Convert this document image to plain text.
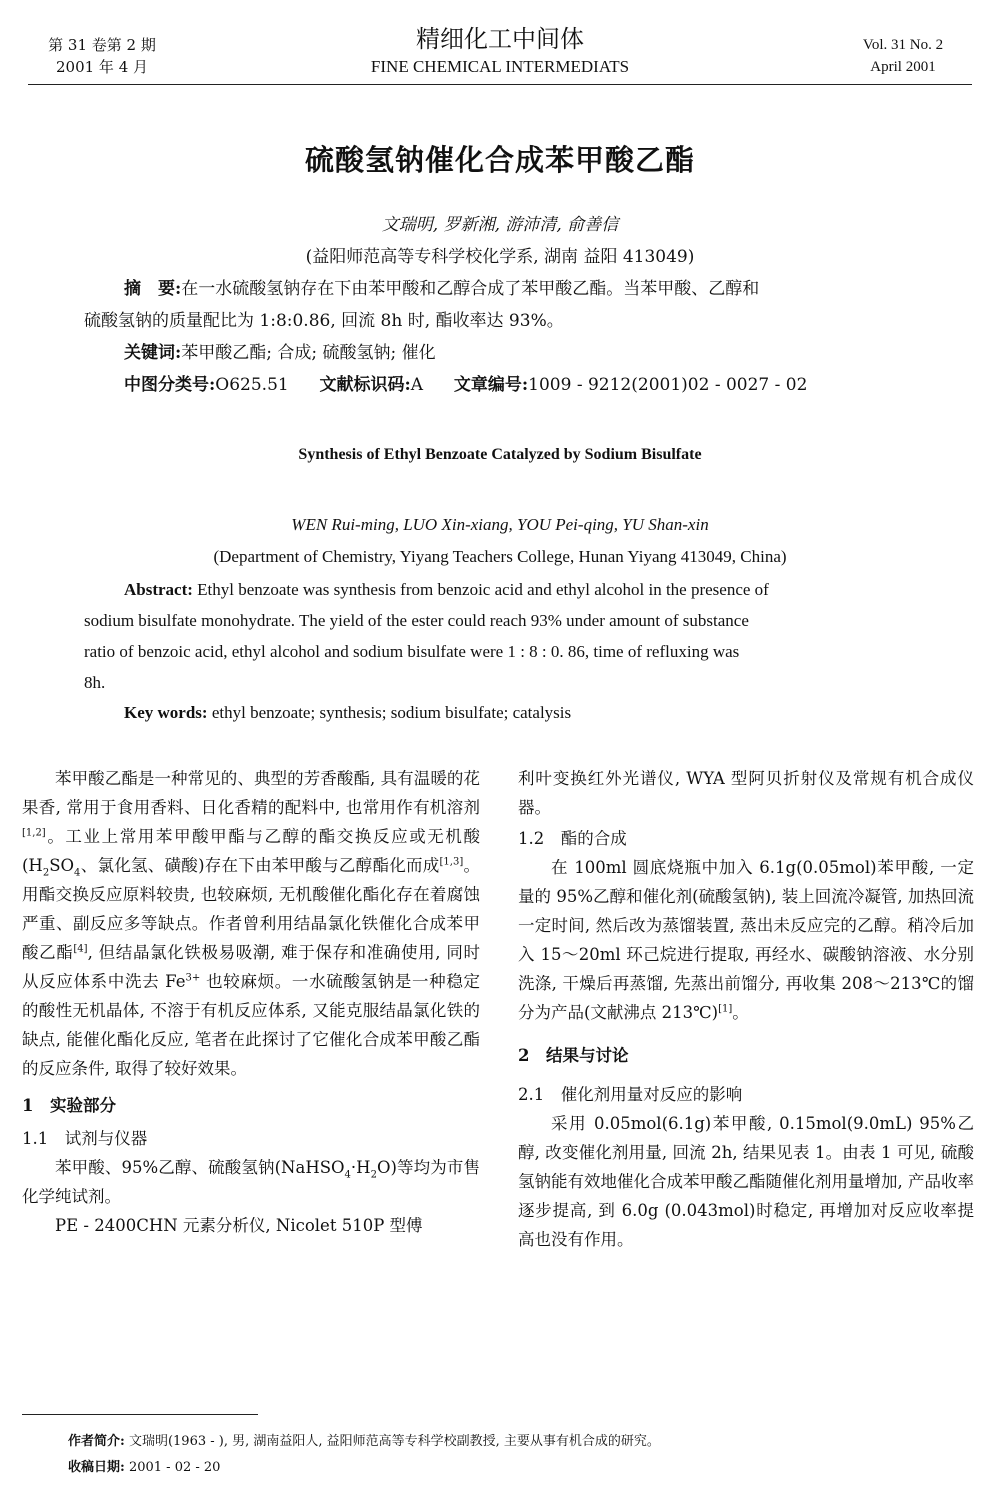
第 31 卷第 2 期
2001 年 4 月
精细化工中间体
FINE CHEMICAL INTERMEDIATS
Vol. 31 No. 2
April 2001
硫酸氢钠催化合成苯甲酸乙酯
文瑞明, 罗新湘, 游沛清, 俞善信
(益阳师范高等专科学校化学系, 湖南 益阳 413049)
摘　要:在一水硫酸氢钠存在下由苯甲酸和乙醇合成了苯甲酸乙酯。当苯甲酸、乙醇和
硫酸氢钠的质量配比为 1:8:0.86, 回流 8h 时, 酯收率达 93%。
关键词:苯甲酸乙酯; 合成; 硫酸氢钠; 催化
中图分类号:O625.51 文献标识码:A 文章编号:1009 - 9212(2001)02 - 0027 - 02
Synthesis of Ethyl Benzoate Catalyzed by Sodium Bisulfate
WEN Rui-ming, LUO Xin-xiang, YOU Pei-qing, YU Shan-xin
(Department of Chemistry, Yiyang Teachers College, Hunan Yiyang 413049, China)
Abstract: Ethyl benzoate was synthesis from benzoic acid and ethyl alcohol in the presence of
sodium bisulfate monohydrate. The yield of the ester could reach 93% under amount of substance
ratio of benzoic acid, ethyl alcohol and sodium bisulfate were 1 : 8 : 0. 86, time of refluxing was
8h.
Key words: ethyl benzoate; synthesis; sodium bisulfate; catalysis

苯甲酸乙酯是一种常见的、典型的芳香酸酯, 具有温暖的花果香, 常用于食用香料、日化香精的配料中, 也常用作有机溶剂[1,2]。工业上常用苯甲酸甲酯与乙醇的酯交换反应或无机酸($H_2SO_4$、氯化氢、磺酸)存在下由苯甲酸与乙醇酯化而成[1,3]。用酯交换反应原料较贵, 也较麻烦, 无机酸催化酯化存在着腐蚀严重、副反应多等缺点。作者曾利用结晶氯化铁催化合成苯甲酸乙酯[4], 但结晶氯化铁极易吸潮, 难于保存和准确使用, 同时从反应体系中洗去 $Fe^{3+}$ 也较麻烦。一水硫酸氢钠是一种稳定的酸性无机晶体, 不溶于有机反应体系, 又能克服结晶氯化铁的缺点, 能催化酯化反应, 笔者在此探讨了它催化合成苯甲酸乙酯的反应条件, 取得了较好效果。

1　实验部分
1.1　试剂与仪器

苯甲酸、95%乙醇、硫酸氢钠$(NaHSO_4\cdot H_2O)$等均为市售化学纯试剂。

PE - 2400CHN 元素分析仪, Nicolet 510P 型傅

利叶变换红外光谱仪, WYA 型阿贝折射仪及常规有机合成仪器。
1.2　酯的合成

在 100ml 圆底烧瓶中加入 6.1g(0.05mol)苯甲酸, 一定量的 95%乙醇和催化剂(硫酸氢钠), 装上回流冷凝管, 加热回流一定时间, 然后改为蒸馏装置, 蒸出未反应完的乙醇。稍冷后加入 15～20ml 环己烷进行提取, 再经水、碳酸钠溶液、水分别洗涤, 干燥后再蒸馏, 先蒸出前馏分, 再收集 208～213℃的馏分为产品(文献沸点 213℃)[1]。

2　结果与讨论
2.1　催化剂用量对反应的影响

采用 0.05mol(6.1g)苯甲酸, 0.15mol(9.0mL) 95%乙醇, 改变催化剂用量, 回流 2h, 结果见表 1。由表 1 可见, 硫酸氢钠能有效地催化合成苯甲酸乙酯随催化剂用量增加, 产品收率逐步提高, 到 6.0g (0.043mol)时稳定, 再增加对反应收率提高也没有作用。

作者简介: 文瑞明(1963 - ), 男, 湖南益阳人, 益阳师范高等专科学校副教授, 主要从事有机合成的研究。
收稿日期: 2001 - 02 - 20
